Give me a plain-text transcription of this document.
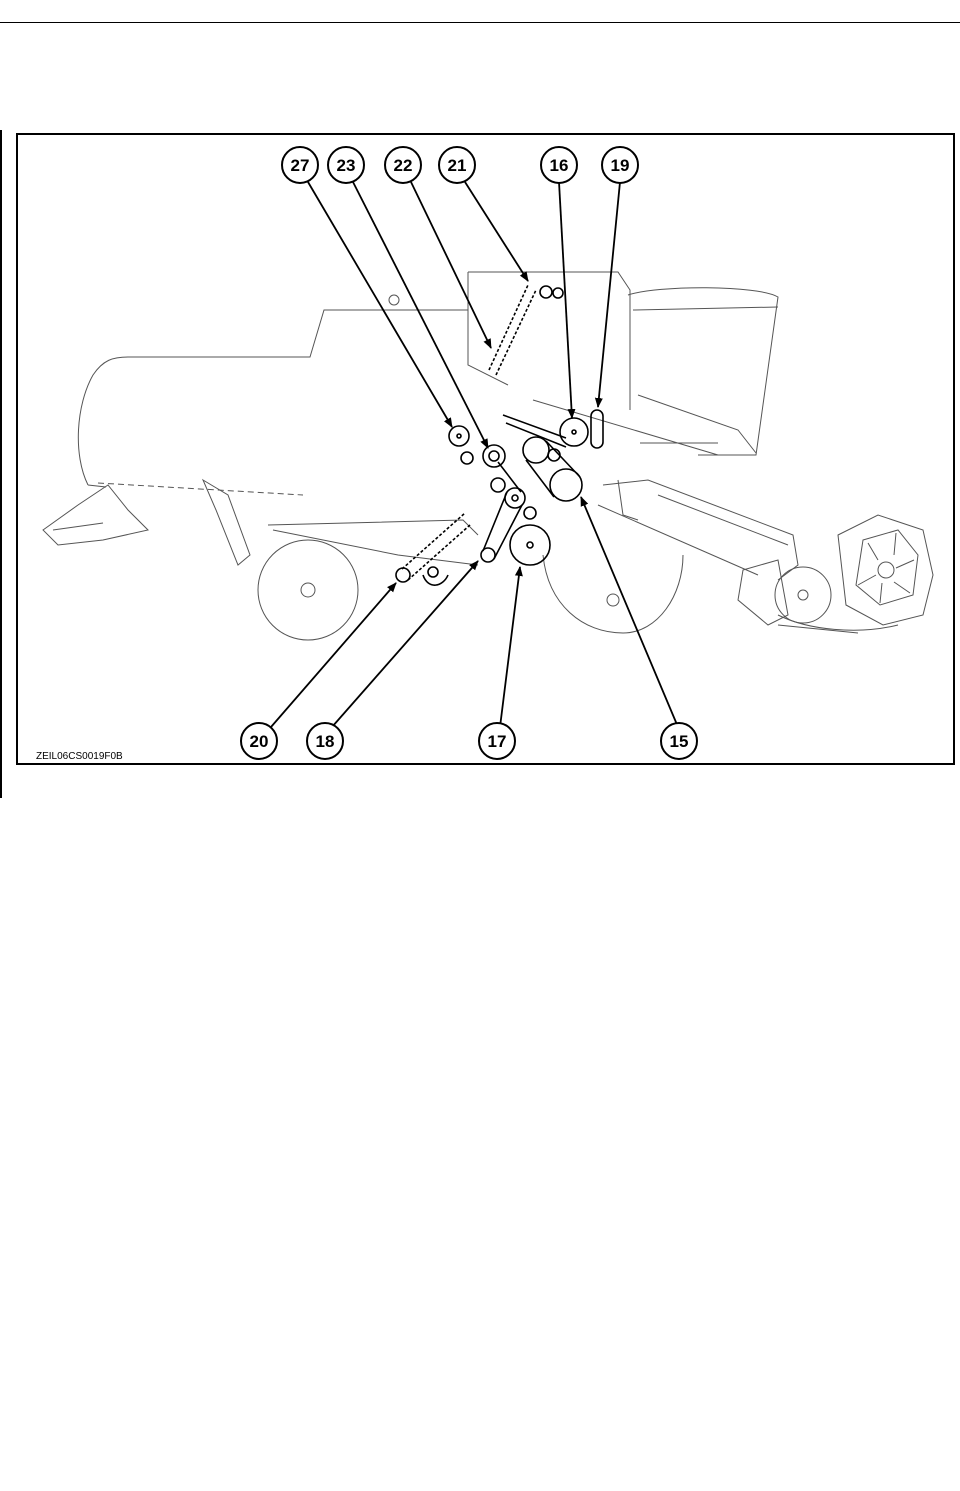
27 23 22 21	16 19
20	18	17	15
ZEIL06CS0019F0B
